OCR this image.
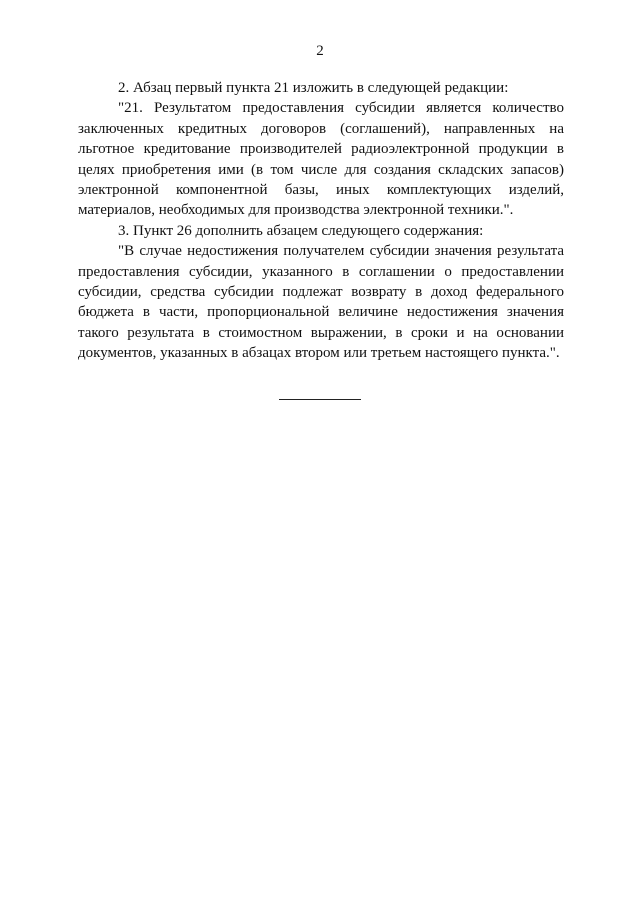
2

2. Абзац первый пункта 21 изложить в следующей редакции:

"21. Результатом предоставления субсидии является количество заключенных кредитных договоров (соглашений), направленных на льготное кредитование производителей радиоэлектронной продукции в целях приобретения ими (в том числе для создания складских запасов) электронной компонентной базы, иных комплектующих изделий, материалов, необходимых для производства электронной техники.".

3. Пункт 26 дополнить абзацем следующего содержания:

"В случае недостижения получателем субсидии значения результата предоставления субсидии, указанного в соглашении о предоставлении субсидии, средства субсидии подлежат возврату в доход федерального бюджета в части, пропорциональной величине недостижения значения такого результата в стоимостном выражении, в сроки и на основании документов, указанных в абзацах втором или третьем настоящего пункта.".
